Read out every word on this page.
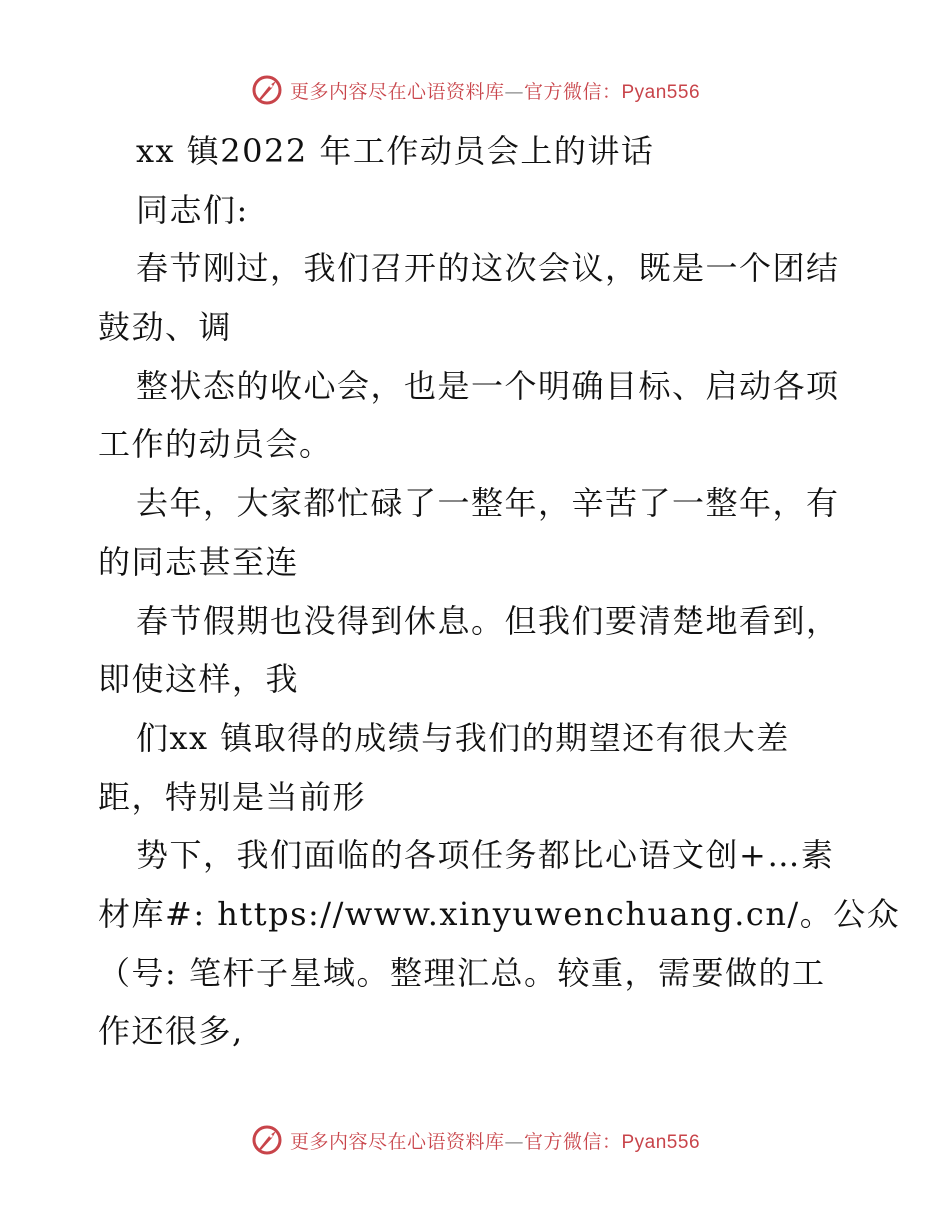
更多内容尽在心语资料库—官方微信：Pyan556
xx 镇2022 年工作动员会上的讲话
同志们:
春节刚过，我们召开的这次会议，既是一个团结
鼓劲、调
整状态的收心会，也是一个明确目标、启动各项
工作的动员会。
去年，大家都忙碌了一整年，辛苦了一整年，有
的同志甚至连
春节假期也没得到休息。但我们要清楚地看到，
即使这样，我
们xx 镇取得的成绩与我们的期望还有很大差
距，特别是当前形
势下，我们面临的各项任务都比心语文创+…素
材库#: https://www.xinyuwenchuang.cn/。公众
（号: 笔杆子星域。整理汇总。较重，需要做的工
作还很多,
更多内容尽在心语资料库—官方微信：Pyan556
